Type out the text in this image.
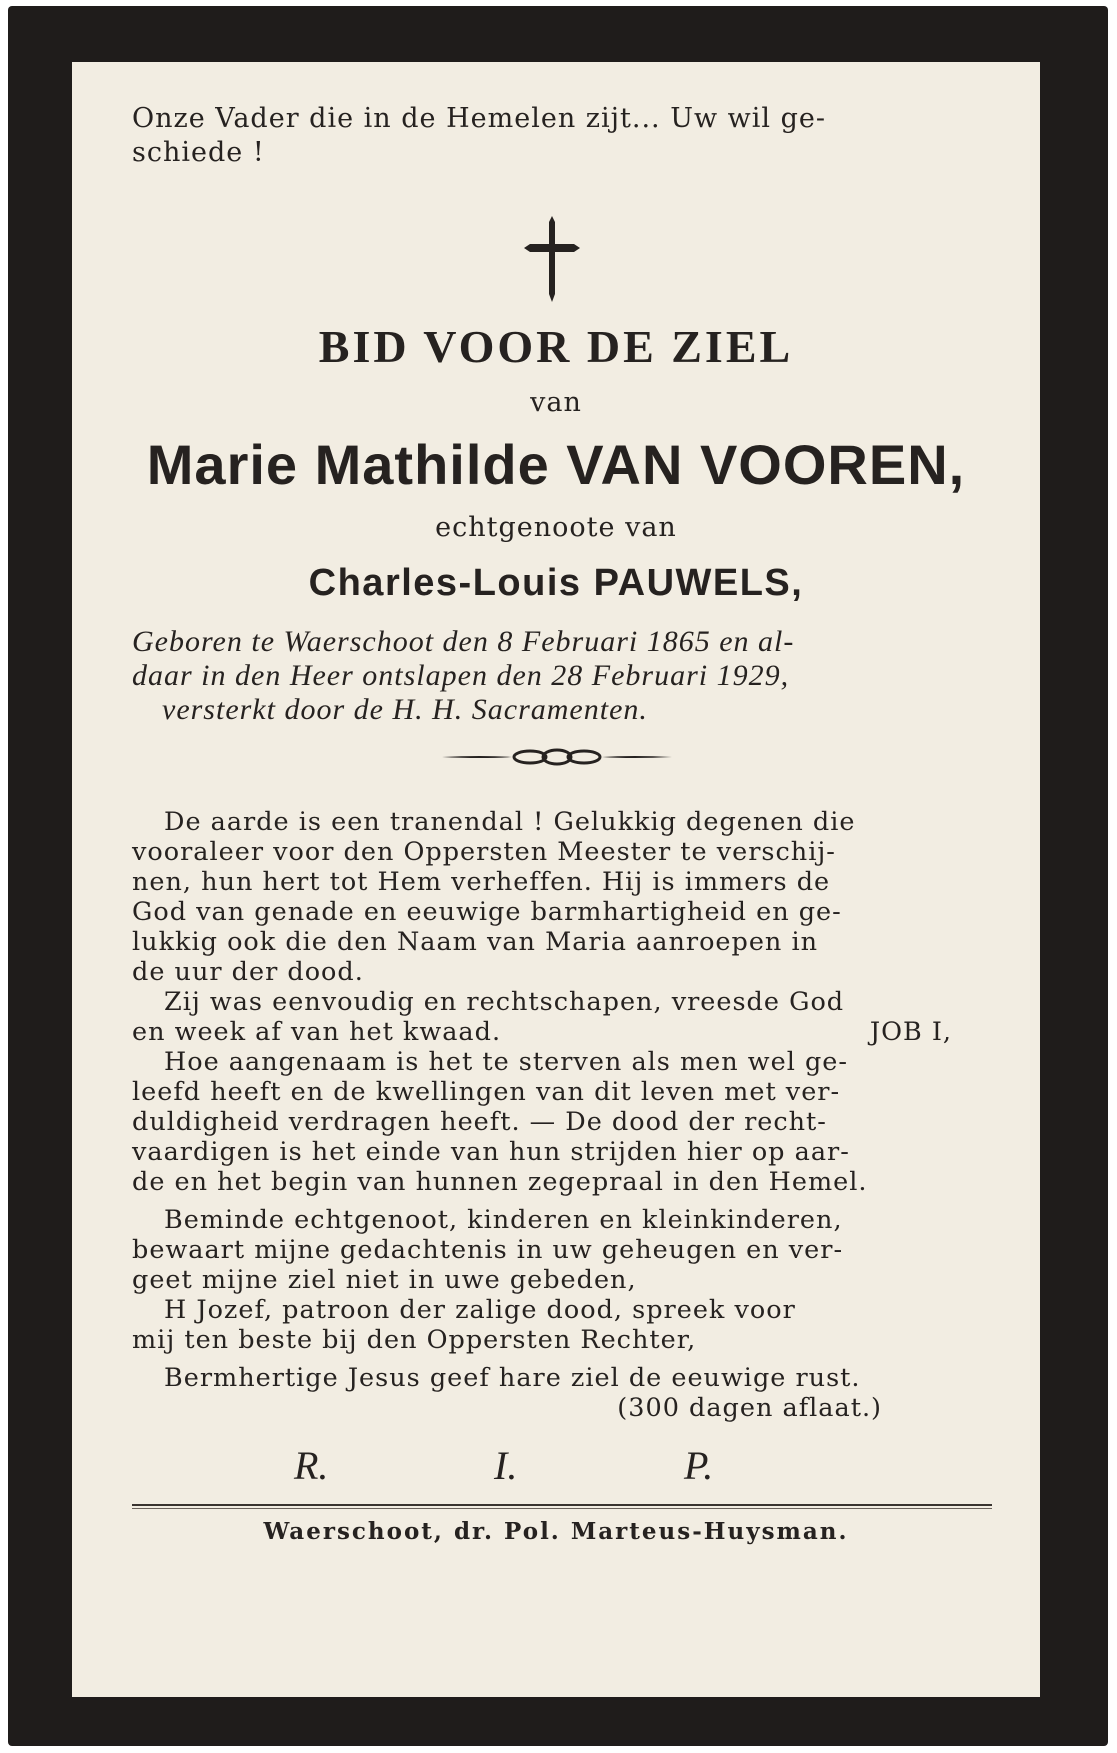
Onze Vader die in de Hemelen zijt... Uw wil ge-
schiede !
BID VOOR DE ZIEL
van
Marie Mathilde VAN VOOREN,
echtgenoote van
Charles-Louis PAUWELS,
Geboren te Waerschoot den 8 Februari 1865 en al-
daar in den Heer ontslapen den 28 Februari 1929,
versterkt door de H. H. Sacramenten.

De aarde is een tranendal ! Gelukkig degenen die

vooraleer voor den Oppersten Meester te verschij-

nen, hun hert tot Hem verheffen. Hij is immers de

God van genade en eeuwige barmhartigheid en ge-

lukkig ook die den Naam van Maria aanroepen in

de uur der dood.

Zij was eenvoudig en rechtschapen, vreesde God

en week af van het kwaad.	JOB I,

Hoe aangenaam is het te sterven als men wel ge-

leefd heeft en de kwellingen van dit leven met ver-

duldigheid verdragen heeft. — De dood der recht-

vaardigen is het einde van hun strijden hier op aar-

de en het begin van hunnen zegepraal in den Hemel.

Beminde echtgenoot, kinderen en kleinkinderen,

bewaart mijne gedachtenis in uw geheugen en ver-

geet mijne ziel niet in uwe gebeden,

H Jozef, patroon der zalige dood, spreek voor

mij ten beste bij den Oppersten Rechter,

Bermhertige Jesus geef hare ziel de eeuwige rust.

(300 dagen aflaat.)

R.	I.	P.
Waerschoot, dr. Pol. Marteus-Huysman.
